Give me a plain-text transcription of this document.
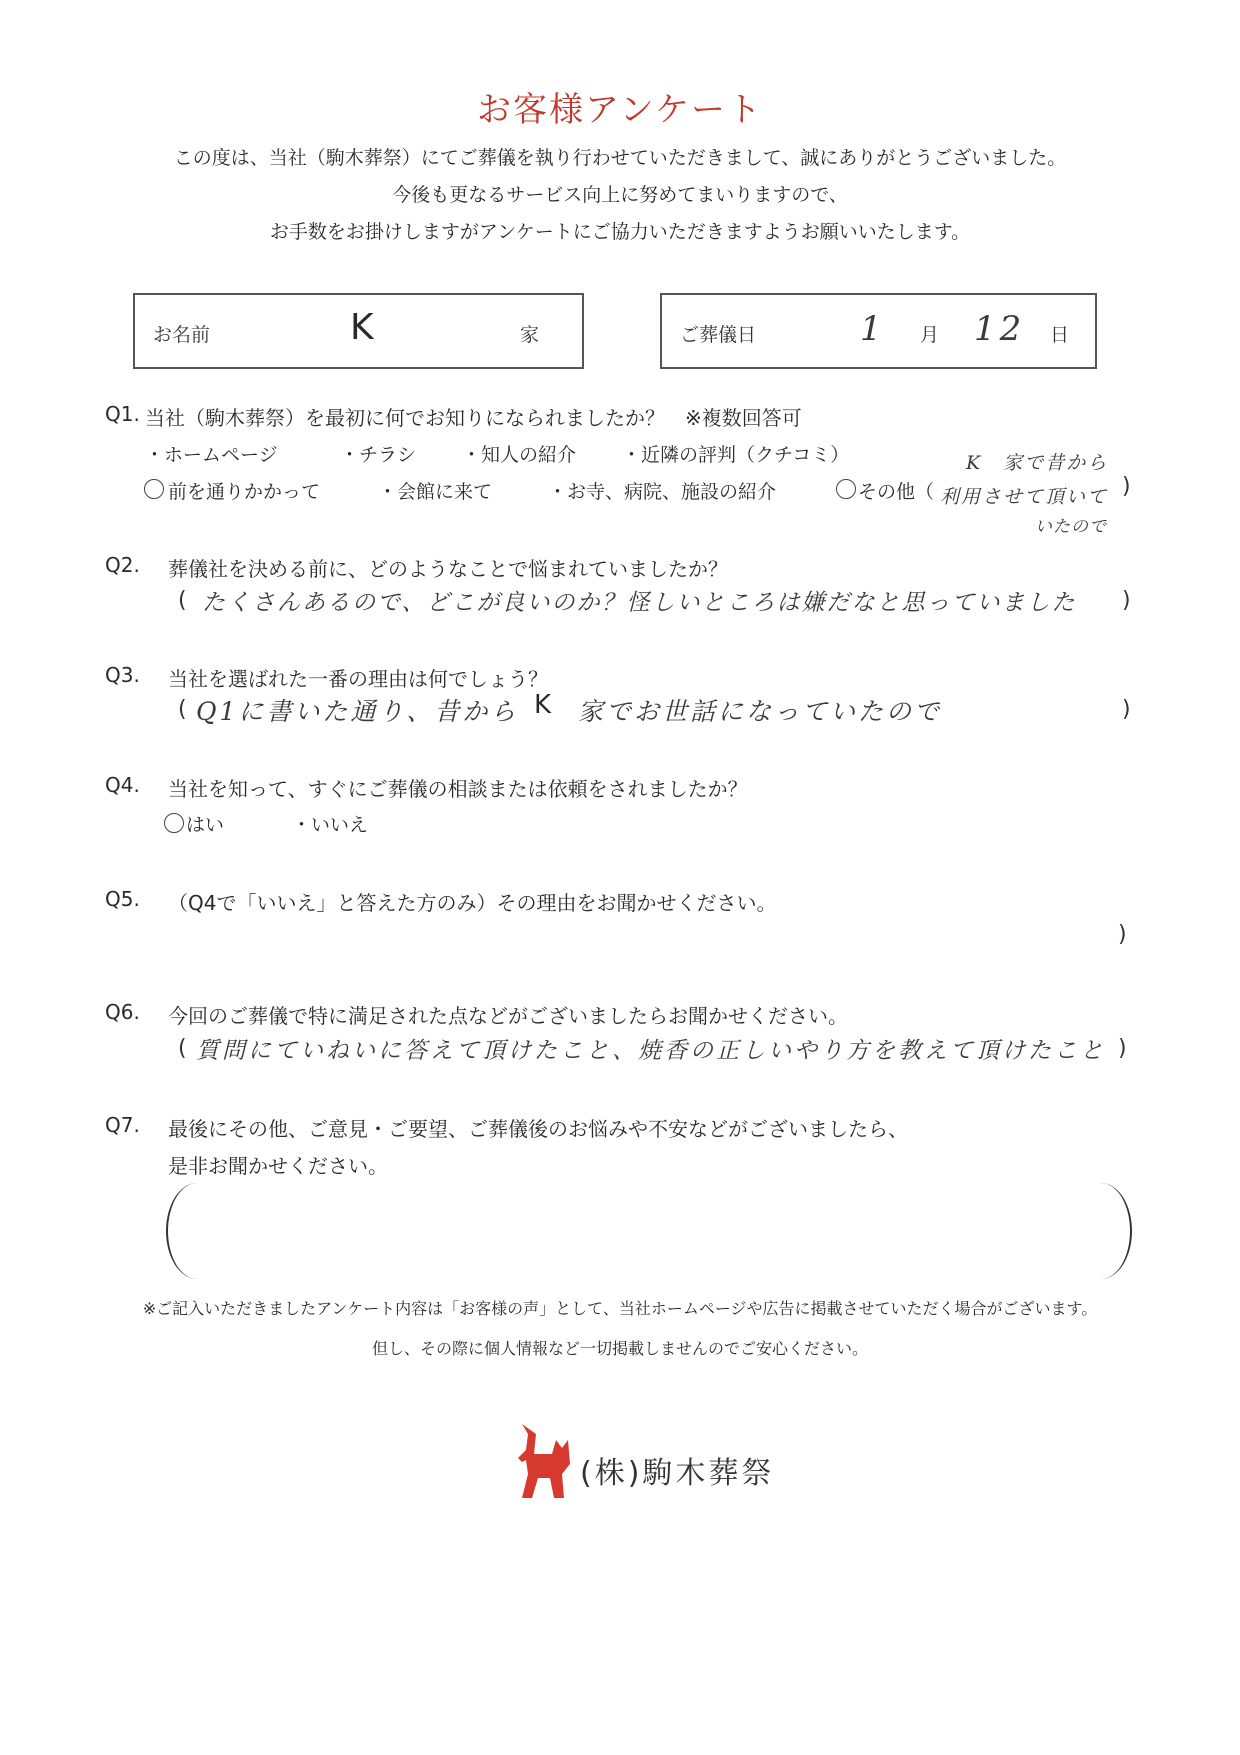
お客様アンケート
この度は、当社（駒木葬祭）にてご葬儀を執り行わせていただきまして、誠にありがとうございました。
今後も更なるサービス向上に努めてまいりますので、
お手数をお掛けしますがアンケートにご協力いただきますようお願いいたします。
お名前	K	家	ご葬儀日	1 月 12 日
Q1. 当社（駒木葬祭）を最初に何でお知りになられましたか？　※複数回答可
・ホームページ	・チラシ ・知人の紹介 ・近隣の評判（クチコミ）
前を通りかかって	・会館に来て	・お寺、病院、施設の紹介	その他（	)
K　家で昔から
利用させて頂いて
いたので
Q2. 葬儀社を決める前に、どのようなことで悩まれていましたか？
( たくさんあるので、どこが良いのか？怪しいところは嫌だなと思っていました )
Q3. 当社を選ばれた一番の理由は何でしょう？
( Q1に書いた通り、昔から K 家でお世話になっていたので	)
Q4. 当社を知って、すぐにご葬儀の相談または依頼をされましたか？
はい	・いいえ
Q5. （Q4で「いいえ」と答えた方のみ）その理由をお聞かせください。
)
Q6. 今回のご葬儀で特に満足された点などがございましたらお聞かせください。
( 質問にていねいに答えて頂けたこと、焼香の正しいやり方を教えて頂けたこと )
Q7. 最後にその他、ご意見・ご要望、ご葬儀後のお悩みや不安などがございましたら、
是非お聞かせください。
※ご記入いただきましたアンケート内容は「お客様の声」として、当社ホームページや広告に掲載させていただく場合がございます。
但し、その際に個人情報など一切掲載しませんのでご安心ください。
(株)駒木葬祭
